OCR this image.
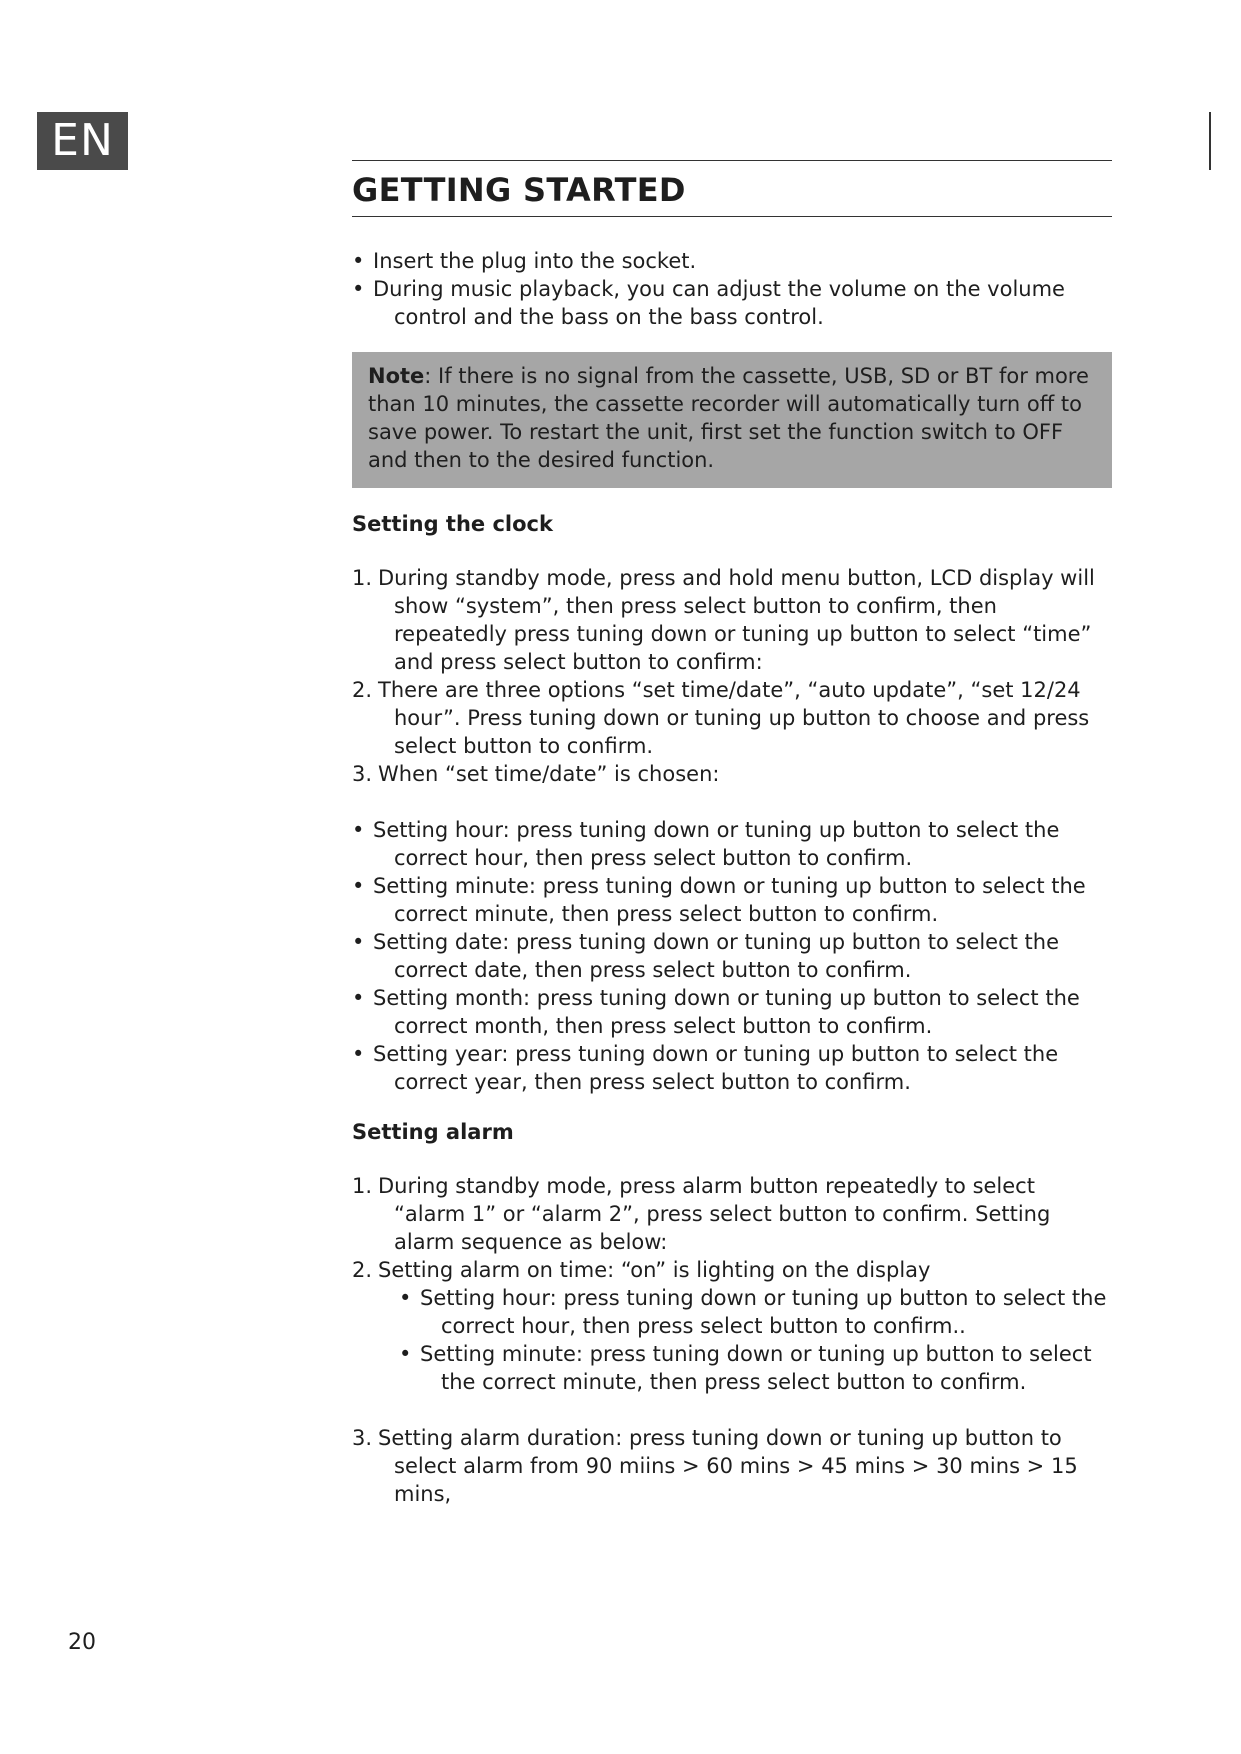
EN
GETTING STARTED
• Insert the plug into the socket.
• During music playback, you can adjust the volume on the volume control and the bass on the bass control.
Note: If there is no signal from the cassette, USB, SD or BT for more than 10 minutes, the cassette recorder will automatically turn off to save power. To restart the unit, first set the function switch to OFF and then to the desired function.
Setting the clock
1. During standby mode, press and hold menu button, LCD display will show “system”, then press select button to confirm, then repeatedly press tuning down or tuning up button to select “time” and press select button to confirm:
2. There are three options “set time/date”, “auto update”, “set 12/24 hour”. Press tuning down or tuning up button to choose and press select button to confirm.
3. When “set time/date” is chosen:
• Setting hour: press tuning down or tuning up button to select the correct hour, then press select button to confirm.
• Setting minute: press tuning down or tuning up button to select the correct minute, then press select button to confirm.
• Setting date: press tuning down or tuning up button to select the correct date, then press select button to confirm.
• Setting month: press tuning down or tuning up button to select the correct month, then press select button to confirm.
• Setting year: press tuning down or tuning up button to select the correct year, then press select button to confirm.
Setting alarm
1. During standby mode, press alarm button repeatedly to select “alarm 1” or “alarm 2”, press select button to confirm. Setting alarm sequence as below:
2. Setting alarm on time: “on” is lighting on the display
• Setting hour: press tuning down or tuning up button to select the correct hour, then press select button to confirm..
• Setting minute: press tuning down or tuning up button to select the correct minute, then press select button to confirm.
3. Setting alarm duration: press tuning down or tuning up button to select alarm from 90 miins > 60 mins > 45 mins > 30 mins > 15 mins,
20
